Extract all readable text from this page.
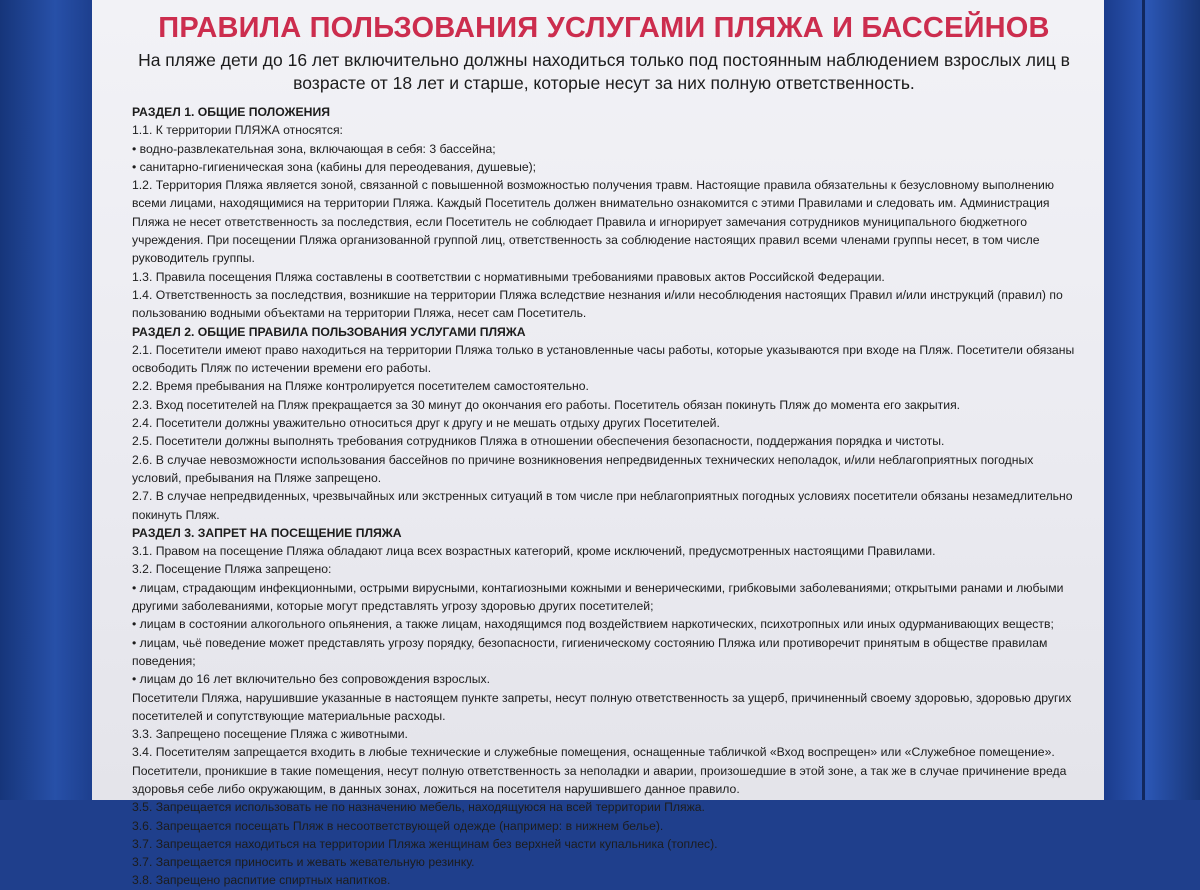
ПРАВИЛА ПОЛЬЗОВАНИЯ УСЛУГАМИ ПЛЯЖА И БАССЕЙНОВ
На пляже дети до 16 лет включительно должны находиться только под постоянным наблюдением взрослых лиц в возрасте от 18 лет и старше, которые несут за них полную ответственность.
РАЗДЕЛ 1. ОБЩИЕ ПОЛОЖЕНИЯ
1.1. К территории ПЛЯЖА относятся:
• водно-развлекательная зона, включающая в себя: 3 бассейна;
• санитарно-гигиеническая зона (кабины для переодевания, душевые);
1.2. Территория Пляжа является зоной, связанной с повышенной возможностью получения травм. Настоящие правила обязательны к безусловному выполнению всеми лицами, находящимися на территории Пляжа. Каждый Посетитель должен внимательно ознакомится с этими Правилами и следовать им. Администрация Пляжа не несет ответственность за последствия, если Посетитель не соблюдает Правила и игнорирует замечания сотрудников муниципального бюджетного учреждения. При посещении Пляжа организованной группой лиц, ответственность за соблюдение настоящих правил всеми членами группы несет, в том числе руководитель группы.
1.3. Правила посещения Пляжа составлены в соответствии с нормативными требованиями правовых актов Российской Федерации.
1.4. Ответственность за последствия, возникшие на территории Пляжа вследствие незнания и/или несоблюдения настоящих Правил и/или инструкций (правил) по пользованию водными объектами на территории Пляжа, несет сам Посетитель.
РАЗДЕЛ 2. ОБЩИЕ ПРАВИЛА ПОЛЬЗОВАНИЯ УСЛУГАМИ ПЛЯЖА
2.1. Посетители имеют право находиться на территории Пляжа только в установленные часы работы, которые указываются при входе на Пляж. Посетители обязаны освободить Пляж по истечении времени его работы.
2.2. Время пребывания на Пляже контролируется посетителем самостоятельно.
2.3. Вход посетителей на Пляж прекращается за 30 минут до окончания его работы. Посетитель обязан покинуть Пляж до момента его закрытия.
2.4. Посетители должны уважительно относиться друг к другу и не мешать отдыху других Посетителей.
2.5. Посетители должны выполнять требования сотрудников Пляжа в отношении обеспечения безопасности, поддержания порядка и чистоты.
2.6. В случае невозможности использования бассейнов по причине возникновения непредвиденных технических неполадок, и/или неблагоприятных погодных условий, пребывания на Пляже запрещено.
2.7. В случае непредвиденных, чрезвычайных или экстренных ситуаций в том числе при неблагоприятных погодных условиях посетители обязаны незамедлительно покинуть Пляж.
РАЗДЕЛ 3. ЗАПРЕТ НА ПОСЕЩЕНИЕ ПЛЯЖА
3.1. Правом на посещение Пляжа обладают лица всех возрастных категорий, кроме исключений, предусмотренных настоящими Правилами.
3.2. Посещение Пляжа запрещено:
• лицам, страдающим инфекционными, острыми вирусными, контагиозными кожными и венерическими, грибковыми заболеваниями; открытыми ранами и любыми другими заболеваниями, которые могут представлять угрозу здоровью других посетителей;
• лицам в состоянии алкогольного опьянения, а также лицам, находящимся под воздействием наркотических, психотропных или иных одурманивающих веществ;
• лицам, чьё поведение может представлять угрозу порядку, безопасности, гигиеническому состоянию Пляжа или противоречит принятым в обществе правилам поведения;
• лицам до 16 лет включительно без сопровождения взрослых.
Посетители Пляжа, нарушившие указанные в настоящем пункте запреты, несут полную ответственность за ущерб, причиненный своему здоровью, здоровью других посетителей и сопутствующие материальные расходы.
3.3. Запрещено посещение Пляжа с животными.
3.4. Посетителям запрещается входить в любые технические и служебные помещения, оснащенные табличкой «Вход воспрещен» или «Служебное помещение». Посетители, проникшие в такие помещения, несут полную ответственность за неполадки и аварии, произошедшие в этой зоне, а так же в случае причинение вреда здоровья себе либо окружающим, в данных зонах, ложиться на посетителя нарушившего данное правило.
3.5. Запрещается использовать не по назначению мебель, находящуюся на всей территории Пляжа.
3.6. Запрещается посещать Пляж в несоответствующей одежде (например: в нижнем белье).
3.7. Запрещается находиться на территории Пляжа женщинам без верхней части купальника (топлес).
3.7. Запрещается приносить и жевать жевательную резинку.
3.8. Запрещено распитие спиртных напитков.
